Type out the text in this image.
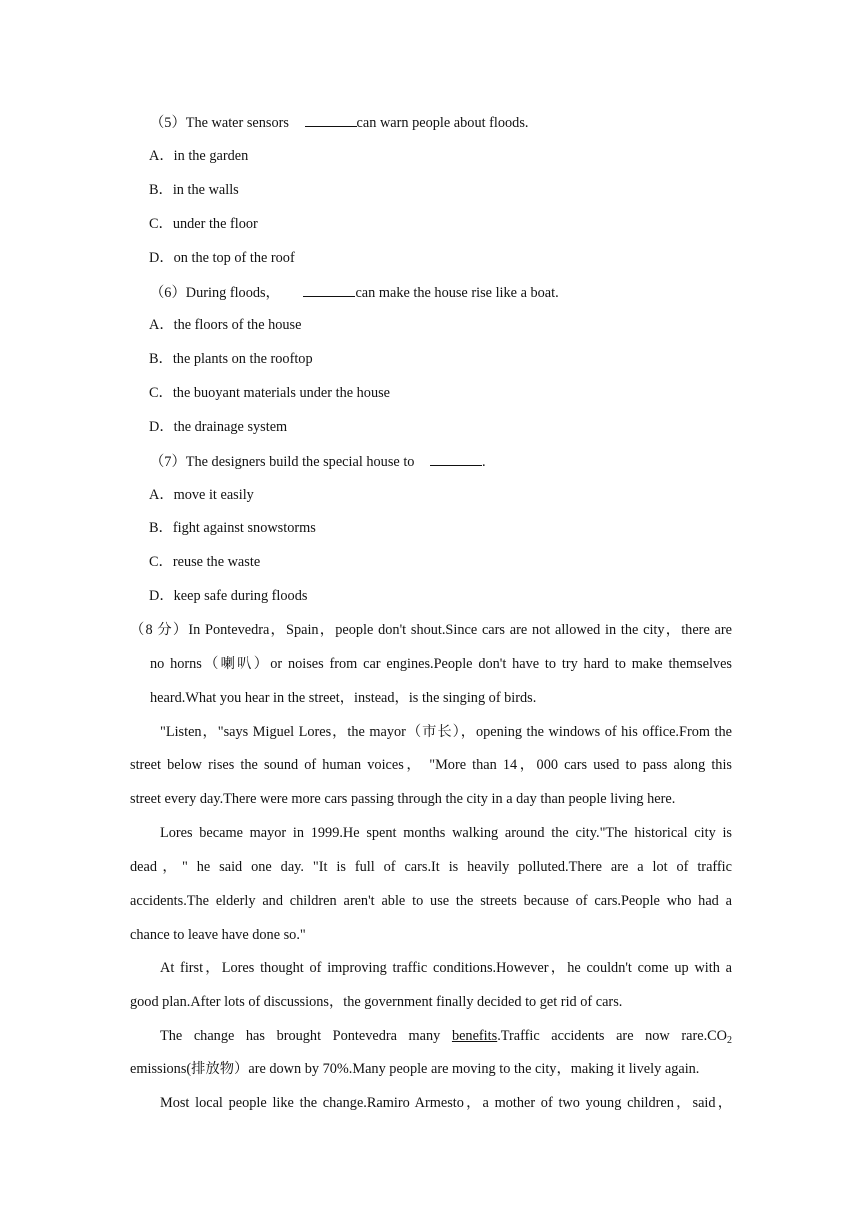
（5）The water sensors	can warn people about floods.
A．in the garden
B．in the walls
C．under the floor
D．on the top of the roof
（6）During floods，	can make the house rise like a boat.
A．the floors of the house
B．the plants on the rooftop
C．the buoyant materials under the house
D．the drainage system
（7）The designers build the special house to	.
A．move it easily
B．fight against snowstorms
C．reuse the waste
D．keep safe during floods
（8 分）In Pontevedra，Spain，people don't shout.Since cars are not allowed in the city，there are
no horns（喇叭）or noises from car engines.People don't have to try hard to make themselves
heard.What you hear in the street，instead，is the singing of birds.
"Listen，"says Miguel Lores，the mayor（市长），opening the windows of his office.From the
street below rises the sound of human voices， "More than 14，000 cars used to pass along this
street every day.There were more cars passing through the city in a day than people living here.
Lores became mayor in 1999.He spent months walking around the city."The historical city is
dead，" he said one day. "It is full of cars.It is heavily polluted.There are a lot of traffic
accidents.The elderly and children aren't able to use the streets because of cars.People who had a
chance to leave have done so."
At first，Lores thought of improving traffic conditions.However，he couldn't come up with a
good plan.After lots of discussions，the government finally decided to get rid of cars.
The change has brought Pontevedra many benefits.Traffic accidents are now $rare.CO_2$
emissions(排放物）are down by 70%.Many people are moving to the city，making it lively again.
Most local people like the change.Ramiro Armesto，a mother of two young children，said，
